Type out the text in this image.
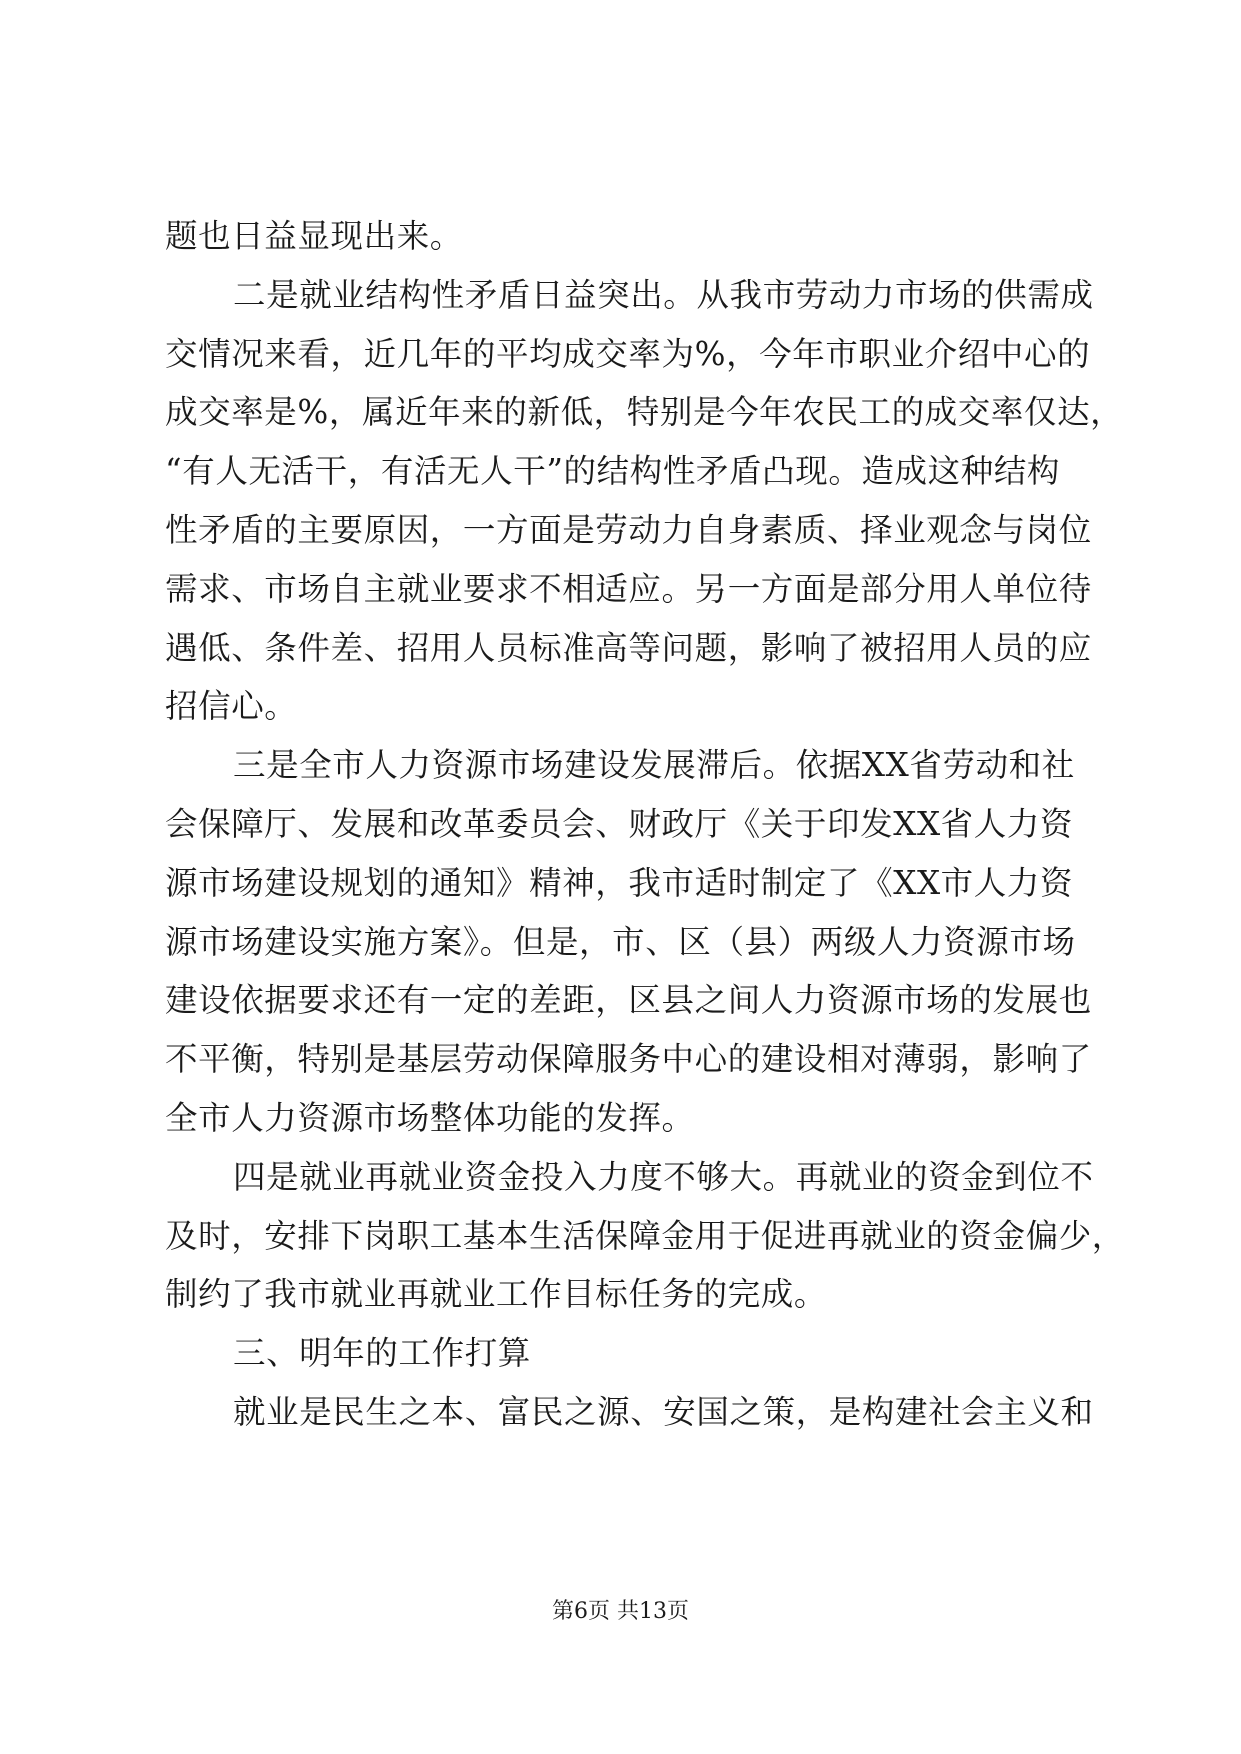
题也日益显现出来。
二是就业结构性矛盾日益突出。从我市劳动力市场的供需成
交情况来看，近几年的平均成交率为%，今年市职业介绍中心的
成交率是%，属近年来的新低，特别是今年农民工的成交率仅达，
“有人无活干，有活无人干”的结构性矛盾凸现。造成这种结构
性矛盾的主要原因，一方面是劳动力自身素质、择业观念与岗位
需求、市场自主就业要求不相适应。另一方面是部分用人单位待
遇低、条件差、招用人员标准高等问题，影响了被招用人员的应
招信心。
三是全市人力资源市场建设发展滞后。依据XX省劳动和社
会保障厅、发展和改革委员会、财政厅《关于印发XX省人力资
源市场建设规划的通知》精神，我市适时制定了《XX市人力资
源市场建设实施方案》。但是，市、区（县）两级人力资源市场
建设依据要求还有一定的差距，区县之间人力资源市场的发展也
不平衡，特别是基层劳动保障服务中心的建设相对薄弱，影响了
全市人力资源市场整体功能的发挥。
四是就业再就业资金投入力度不够大。再就业的资金到位不
及时，安排下岗职工基本生活保障金用于促进再就业的资金偏少，
制约了我市就业再就业工作目标任务的完成。
三、明年的工作打算
就业是民生之本、富民之源、安国之策，是构建社会主义和
第6页 共13页
